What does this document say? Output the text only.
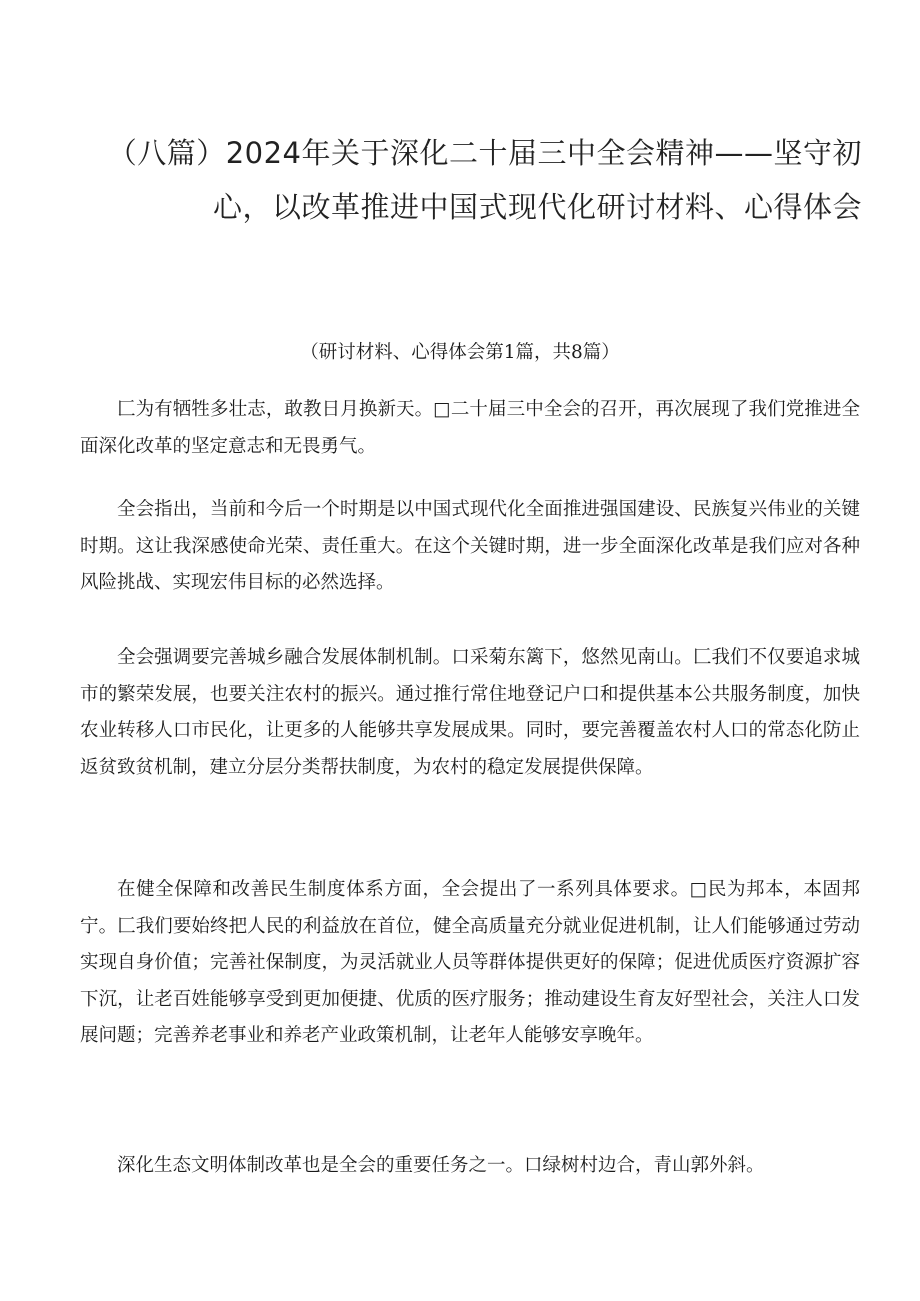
（八篇）2024年关于深化二十届三中全会精神——坚守初心，以改革推进中国式现代化研讨材料、心得体会
（研讨材料、心得体会第1篇，共8篇）

匚为有牺牲多壮志，敢教日月换新天。□二十届三中全会的召开，再次展现了我们党推进全面深化改革的坚定意志和无畏勇气。

全会指出，当前和今后一个时期是以中国式现代化全面推进强国建设、民族复兴伟业的关键时期。这让我深感使命光荣、责任重大。在这个关键时期，进一步全面深化改革是我们应对各种风险挑战、实现宏伟目标的必然选择。

全会强调要完善城乡融合发展体制机制。口采菊东篱下，悠然见南山。匚我们不仅要追求城市的繁荣发展，也要关注农村的振兴。通过推行常住地登记户口和提供基本公共服务制度，加快农业转移人口市民化，让更多的人能够共享发展成果。同时，要完善覆盖农村人口的常态化防止返贫致贫机制，建立分层分类帮扶制度，为农村的稳定发展提供保障。

在健全保障和改善民生制度体系方面，全会提出了一系列具体要求。□民为邦本，本固邦宁。匚我们要始终把人民的利益放在首位，健全高质量充分就业促进机制，让人们能够通过劳动实现自身价值；完善社保制度，为灵活就业人员等群体提供更好的保障；促进优质医疗资源扩容下沉，让老百姓能够享受到更加便捷、优质的医疗服务；推动建设生育友好型社会，关注人口发展问题；完善养老事业和养老产业政策机制，让老年人能够安享晚年。

深化生态文明体制改革也是全会的重要任务之一。口绿树村边合，青山郭外斜。
